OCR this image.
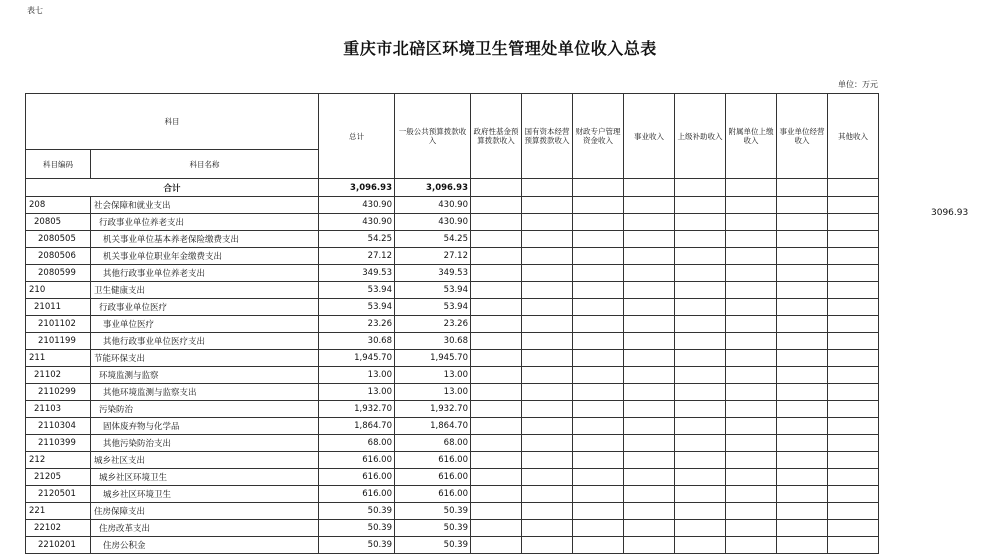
表七
重庆市北碚区环境卫生管理处单位收入总表
单位：万元
3096.93
科目		总计	一般公共预算拨款收入	政府性基金预算拨款收入	国有资本经营预算拨款收入	财政专户管理资金收入	事业收入	上级补助收入	附属单位上缴收入	事业单位经营收入	其他收入
科目编码	科目名称										
合计		3,096.93	3,096.93								
208	社会保障和就业支出	430.90	430.90								
20805	行政事业单位养老支出	430.90	430.90								
2080505	机关事业单位基本养老保险缴费支出	54.25	54.25								
2080506	机关事业单位职业年金缴费支出	27.12	27.12								
2080599	其他行政事业单位养老支出	349.53	349.53								
210	卫生健康支出	53.94	53.94								
21011	行政事业单位医疗	53.94	53.94								
2101102	事业单位医疗	23.26	23.26								
2101199	其他行政事业单位医疗支出	30.68	30.68								
211	节能环保支出	1,945.70	1,945.70								
21102	环境监测与监察	13.00	13.00								
2110299	其他环境监测与监察支出	13.00	13.00								
21103	污染防治	1,932.70	1,932.70								
2110304	固体废弃物与化学品	1,864.70	1,864.70								
2110399	其他污染防治支出	68.00	68.00								
212	城乡社区支出	616.00	616.00								
21205	城乡社区环境卫生	616.00	616.00								
2120501	城乡社区环境卫生	616.00	616.00								
221	住房保障支出	50.39	50.39								
22102	住房改革支出	50.39	50.39								
2210201	住房公积金	50.39	50.39								
